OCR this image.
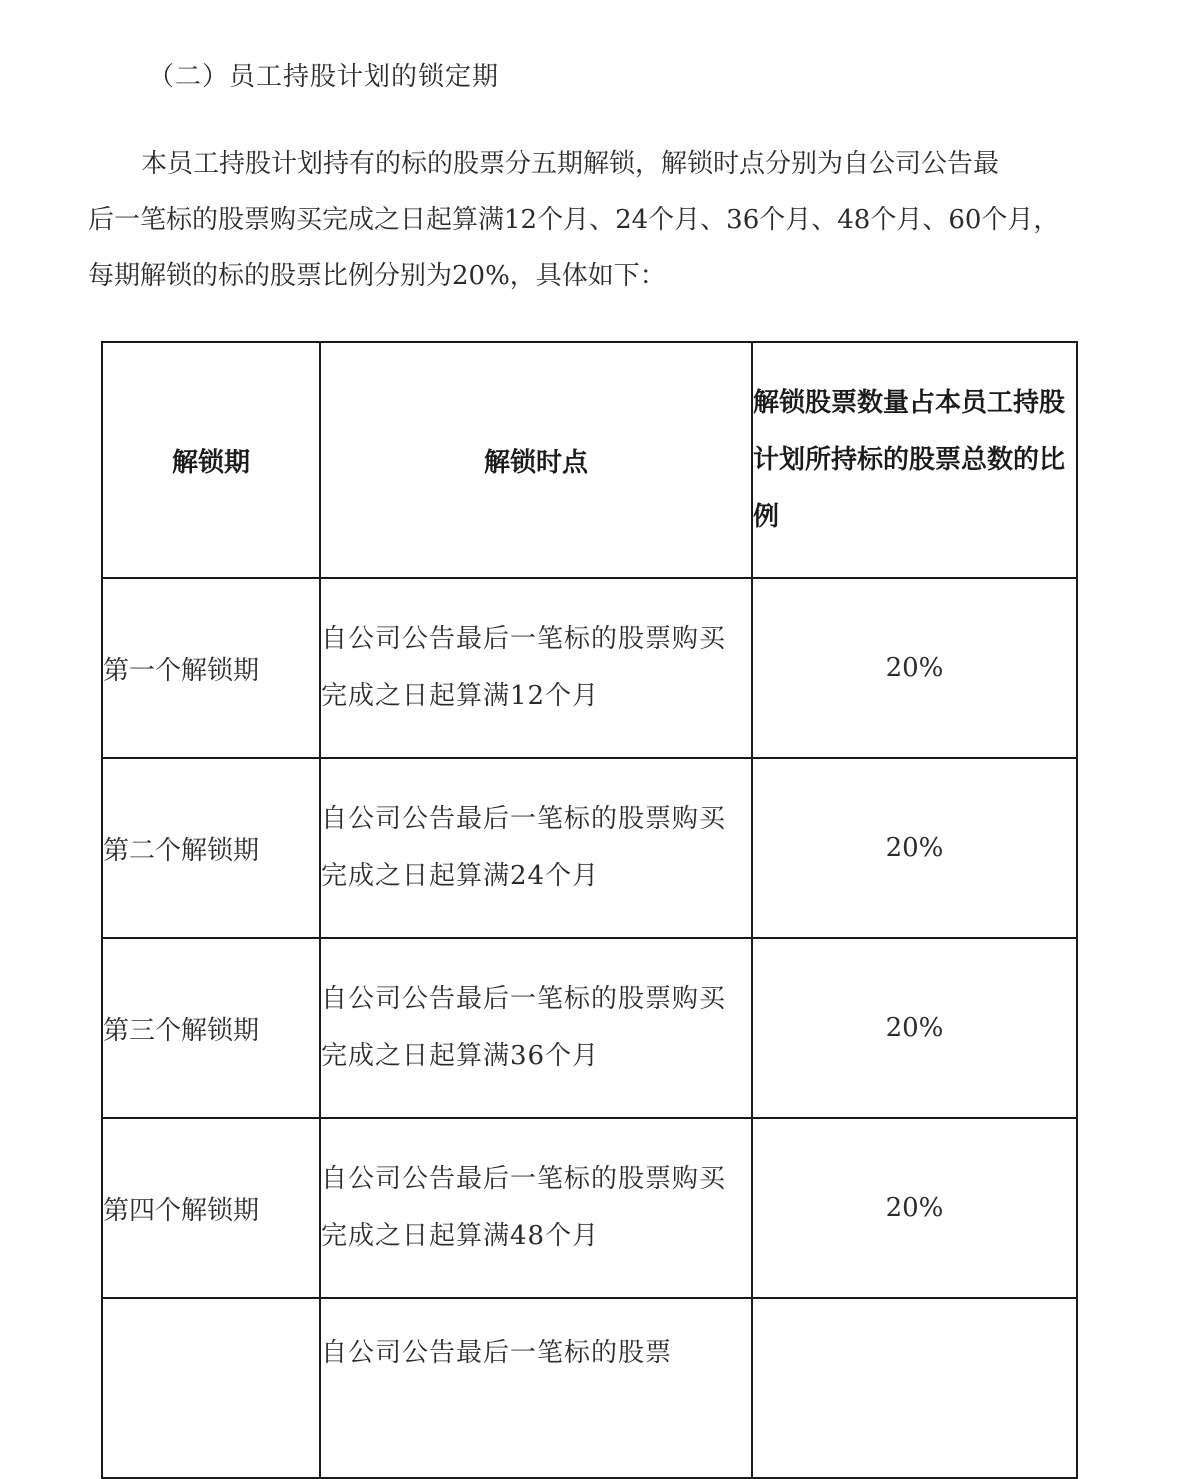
（二）员工持股计划的锁定期
本员工持股计划持有的标的股票分五期解锁，解锁时点分别为自公司公告最
后一笔标的股票购买完成之日起算满12个月、24个月、36个月、48个月、60个月，
每期解锁的标的股票比例分别为20%，具体如下：
解锁期	解锁时点	解锁股票数量占本员工持股计划所持标的股票总数的比例
第一个解锁期	自公司公告最后一笔标的股票购买完成之日起算满12个月	20%
第二个解锁期	自公司公告最后一笔标的股票购买完成之日起算满24个月	20%
第三个解锁期	自公司公告最后一笔标的股票购买完成之日起算满36个月	20%
第四个解锁期	自公司公告最后一笔标的股票购买完成之日起算满48个月	20%

	自公司公告最后一笔标的股票	
